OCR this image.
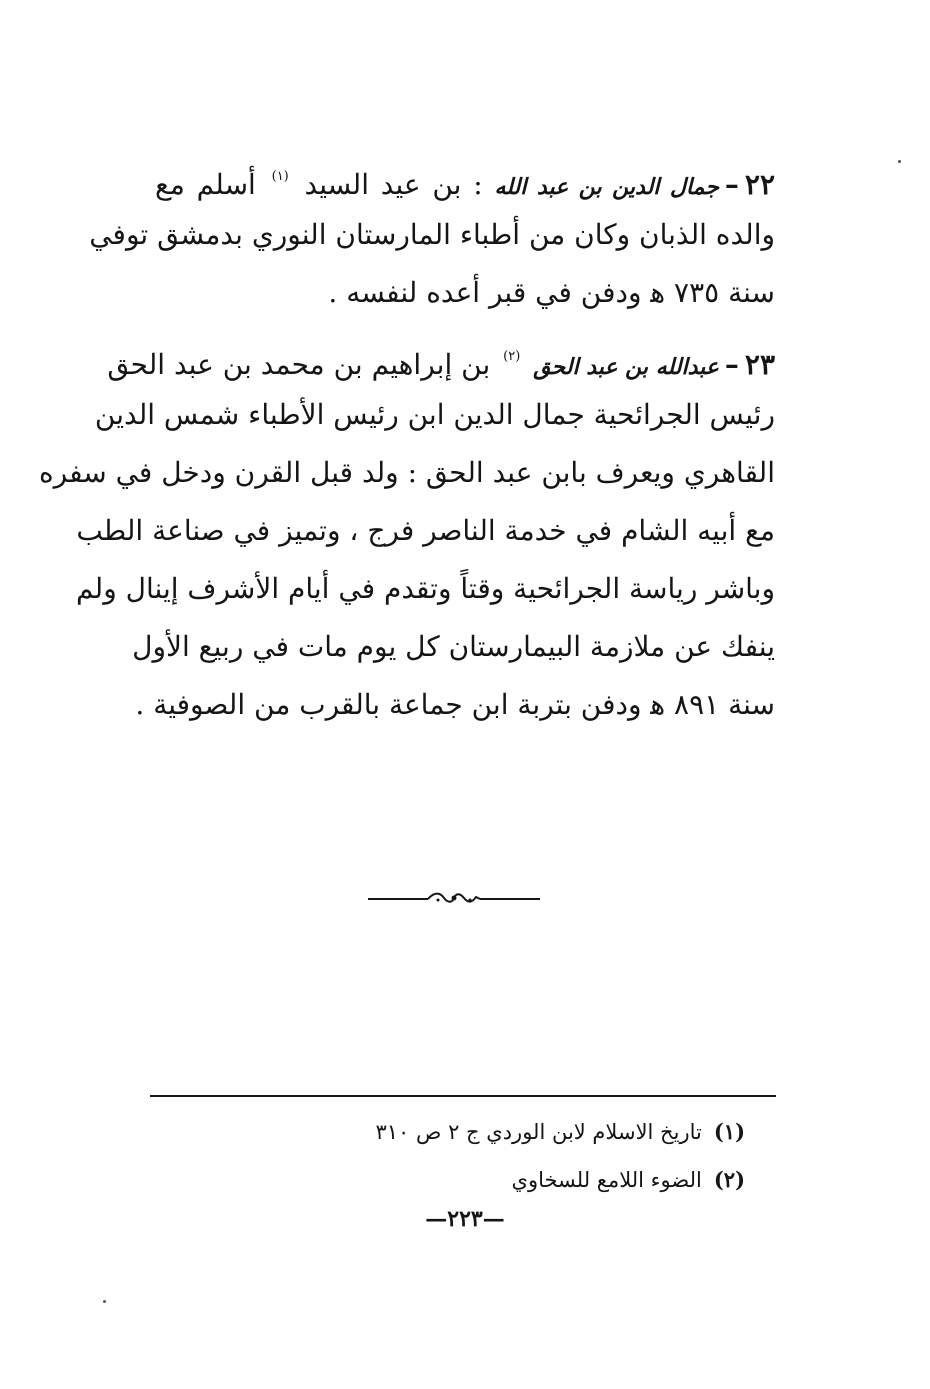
٢٢–جمال الدين بن عبد الله : بن عيد السيد $^{(١)}$ أسلم مع
والده الذبان وكان من أطباء المارستان النوري بدمشق توفي
سنة ٧٣٥ ﻫ ودفن في قبر أعده لنفسه .
٢٣–عبدالله بن عبد الحق $^{(٢)}$ بن إبراهيم بن محمد بن عبد الحق
رئيس الجرائحية جمال الدين ابن رئيس الأطباء شمس الدين
القاهري ويعرف بابن عبد الحق : ولد قبل القرن ودخل في سفره
مع أبيه الشام في خدمة الناصر فرج ، وتميز في صناعة الطب
وباشر رياسة الجرائحية وقتاً وتقدم في أيام الأشرف إينال ولم
ينفك عن ملازمة البيمارستان كل يوم مات في ربيع الأول
سنة ٨٩١ ﻫ ودفن بتربة ابن جماعة بالقرب من الصوفية .
(١)تاريخ الاسلام لابن الوردي ج ٢ ص ٣١٠
(٢)الضوء اللامع للسخاوي
—٢٢٣—
